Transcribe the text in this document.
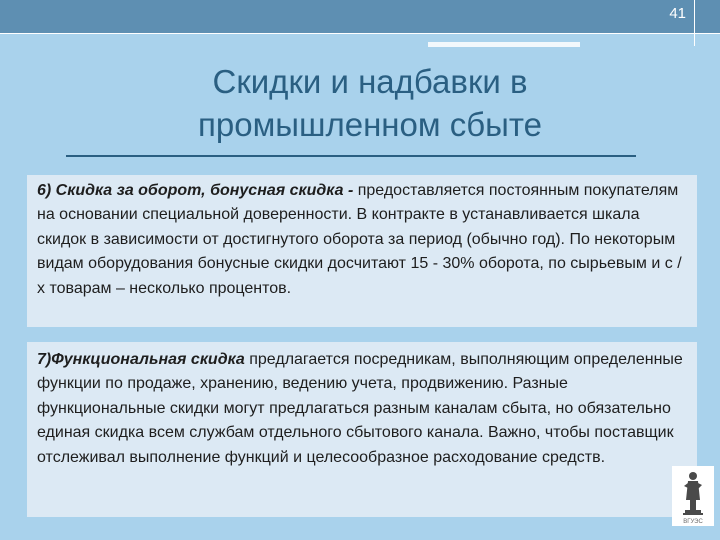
41
Скидки и надбавки в
промышленном сбыте
6) Скидка за оборот, бонусная скидка - предоставляется постоянным покупателям на основании специальной доверенности. В контракте в устанавливается шкала скидок в зависимости от достигнутого оборота за период (обычно год). По некоторым видам оборудования бонусные скидки досчитают 15 - 30% оборота, по сырьевым и с /х товарам – несколько процентов.
7)Функциональная скидка предлагается посредникам, выполняющим определенные функции по продаже, хранению, ведению учета, продвижению. Разные функциональные скидки могут предлагаться разным каналам сбыта, но обязательно единая скидка всем службам отдельного сбытового канала. Важно, чтобы поставщик отслеживал выполнение функций и целесообразное расходование средств.
ВГУЭС
